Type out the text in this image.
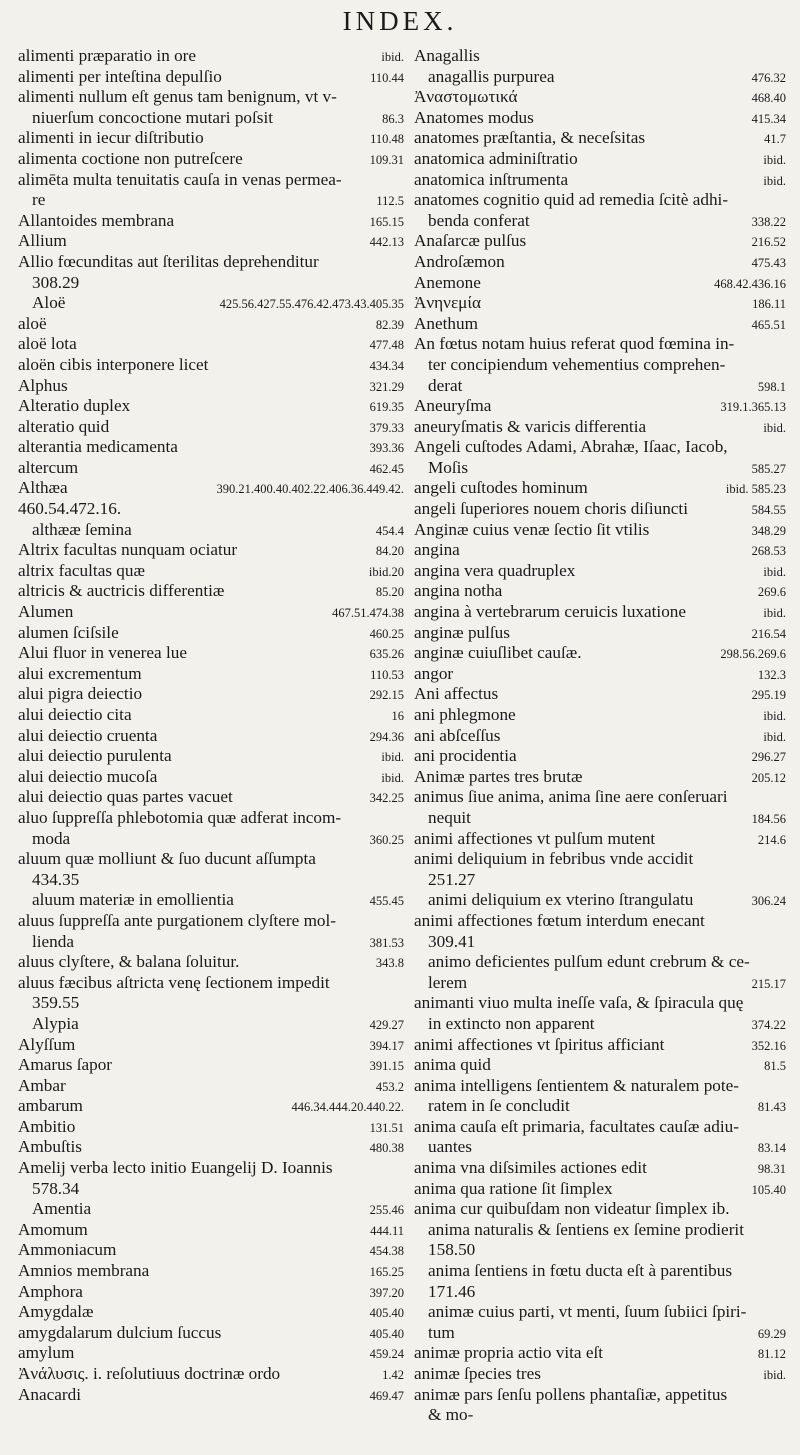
INDEX.
alimenti præparatio in ore	ibid.
alimenti per inteſtina depulſio	110.44
alimenti nullum eſt genus tam benignum, vt v-
niuerſum concoctione mutari poſsit	86.3
alimenti in iecur diſtributio	110.48
alimenta coctione non putreſcere	109.31
alimēta multa tenuitatis cauſa in venas permea-
re	112.5
Allantoides membrana	165.15
Allium	442.13
Allio fœcunditas aut ſterilitas deprehenditur
308.29
Aloë	425.56.427.55.476.42.473.43.405.35
aloë	82.39
aloë lota	477.48
aloën cibis interponere licet	434.34
Alphus	321.29
Alteratio duplex	619.35
alteratio quid	379.33
alterantia medicamenta	393.36
altercum	462.45
Althæa	390.21.400.40.402.22.406.36.449.42.
460.54.472.16.
althææ ſemina	454.4
Altrix facultas nunquam ociatur	84.20
altrix facultas quæ	ibid.20
altricis & auctricis differentiæ	85.20
Alumen	467.51.474.38
alumen ſciſsile	460.25
Alui fluor in venerea lue	635.26
alui excrementum	110.53
alui pigra deiectio	292.15
alui deiectio cita	16
alui deiectio cruenta	294.36
alui deiectio purulenta	ibid.
alui deiectio mucoſa	ibid.
alui deiectio quas partes vacuet	342.25
aluo ſuppreſſa phlebotomia quæ adferat incom-
moda	360.25
aluum quæ molliunt & ſuo ducunt aſſumpta
434.35
aluum materiæ in emollientia	455.45
aluus ſuppreſſa ante purgationem clyſtere mol-
lienda	381.53
aluus clyſtere, & balana ſoluitur.	343.8
aluus fæcibus aſtricta venę ſectionem impedit
359.55
Alypia	429.27
Alyſſum	394.17
Amarus ſapor	391.15
Ambar	453.2
ambarum	446.34.444.20.440.22.
Ambitio	131.51
Ambuſtis	480.38
Amelij verba lecto initio Euangelij D. Ioannis
578.34
Amentia	255.46
Amomum	444.11
Ammoniacum	454.38
Amnios membrana	165.25
Amphora	397.20
Amygdalæ	405.40
amygdalarum dulcium ſuccus	405.40
amylum	459.24
Ἀνάλυσις. i. reſolutiuus doctrinæ ordo	1.42
Anacardi	469.47
Anagallis
anagallis purpurea	476.32
Ἀναστομωτικά	468.40
Anatomes modus	415.34
anatomes præſtantia, & neceſsitas	41.7
anatomica adminiſtratio	ibid.
anatomica inſtrumenta	ibid.
anatomes cognitio quid ad remedia ſcitè adhi-
benda conferat	338.22
Anaſarcæ pulſus	216.52
Androſæmon	475.43
Anemone	468.42.436.16
Ἀνηνεμία	186.11
Anethum	465.51
An fœtus notam huius referat quod fœmina in-
ter concipiendum vehementius comprehen-
derat	598.1
Aneuryſma	319.1.365.13
aneuryſmatis & varicis differentia	ibid.
Angeli cuſtodes Adami, Abrahæ, Iſaac, Iacob,
Moſis	585.27
angeli cuſtodes hominum	ibid. 585.23
angeli ſuperiores nouem choris diſiuncti	584.55
Anginæ cuius venæ ſectio ſit vtilis	348.29
angina	268.53
angina vera quadruplex	ibid.
angina notha	269.6
angina à vertebrarum ceruicis luxatione	ibid.
anginæ pulſus	216.54
anginæ cuiuſlibet cauſæ.	298.56.269.6
angor	132.3
Ani affectus	295.19
ani phlegmone	ibid.
ani abſceſſus	ibid.
ani procidentia	296.27
Animæ partes tres brutæ	205.12
animus ſiue anima, anima ſine aere conſeruari
nequit	184.56
animi affectiones vt pulſum mutent	214.6
animi deliquium in febribus vnde accidit
251.27
animi deliquium ex vterino ſtrangulatu	306.24
animi affectiones fœtum interdum enecant
309.41
animo deficientes pulſum edunt crebrum & ce-
lerem	215.17
animanti viuo multa ineſſe vaſa, & ſpiracula quę
in extincto non apparent	374.22
animi affectiones vt ſpiritus afficiant	352.16
anima quid	81.5
anima intelligens ſentientem & naturalem pote-
ratem in ſe concludit	81.43
anima cauſa eſt primaria, facultates cauſæ adiu-
uantes	83.14
anima vna diſsimiles actiones edit	98.31
anima qua ratione ſit ſimplex	105.40
anima cur quibuſdam non videatur ſimplex ib.
anima naturalis & ſentiens ex ſemine prodierit
158.50
anima ſentiens in fœtu ducta eſt à parentibus
171.46
animæ cuius parti, vt menti, ſuum ſubiici ſpiri-
tum	69.29
animæ propria actio vita eſt	81.12
animæ ſpecies tres	ibid.
animæ pars ſenſu pollens phantaſiæ, appetitus
& mo-
